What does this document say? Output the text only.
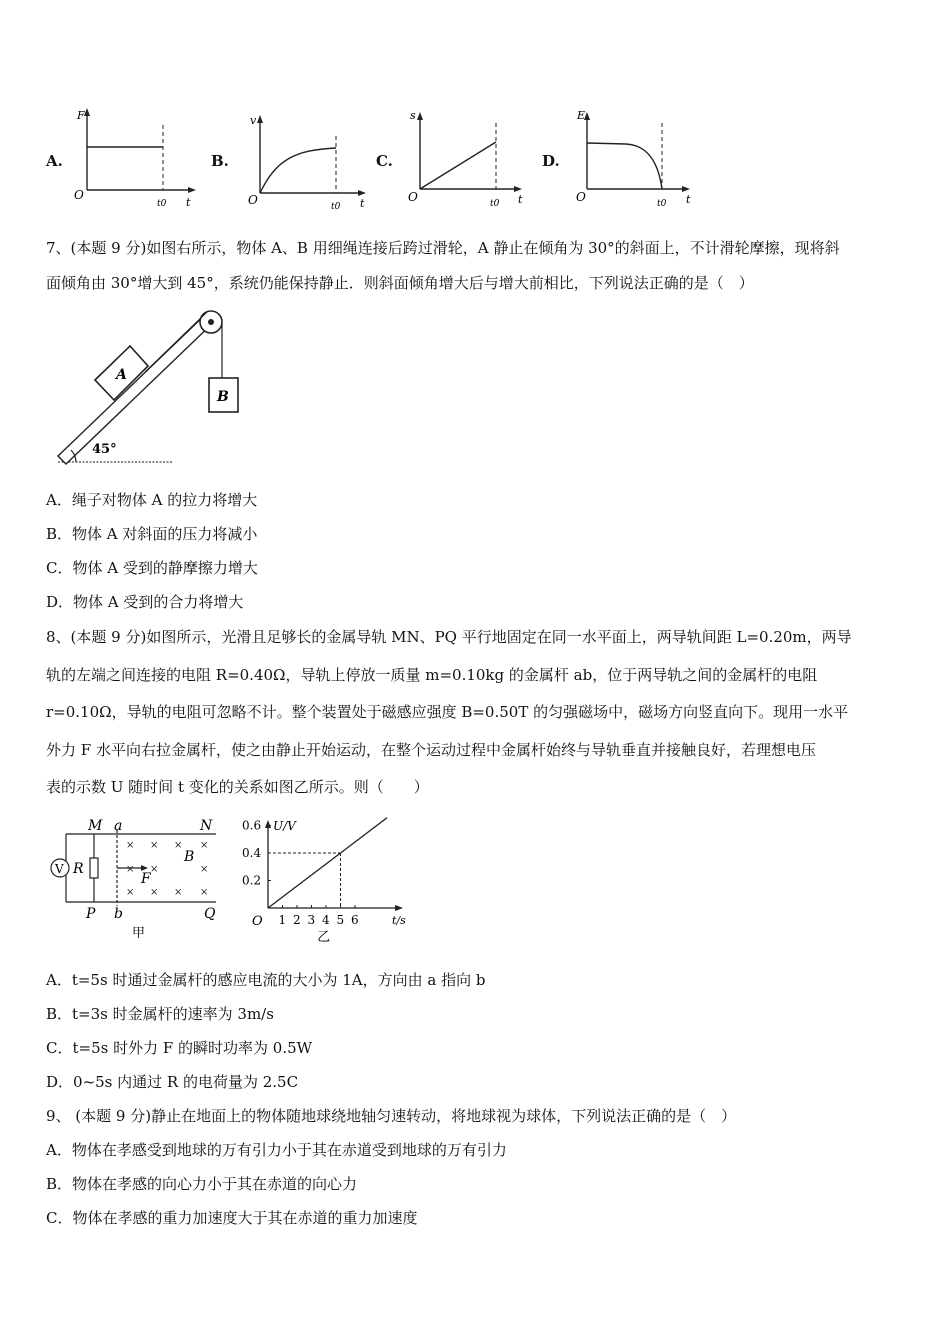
A.
F
O
t
t0
B.
v
O	t
t0
C.
s
O	t
t0
D.
E
O	t
t0
7、(本题 9 分)如图右所示，物体 A、B 用细绳连接后跨过滑轮，A 静止在倾角为 30°的斜面上，不计滑轮摩擦，现将斜
面倾角由 30°增大到 45°，系统仍能保持静止．则斜面倾角增大后与增大前相比，下列说法正确的是（　）
A
B
45°
A．绳子对物体 A 的拉力将增大
B．物体 A 对斜面的压力将减小
C．物体 A 受到的静摩擦力增大
D．物体 A 受到的合力将增大
8、(本题 9 分)如图所示，光滑且足够长的金属导轨 MN、PQ 平行地固定在同一水平面上，两导轨间距 L=0.20m，两导
轨的左端之间连接的电阻 R=0.40Ω，导轨上停放一质量 m=0.10kg 的金属杆 ab，位于两导轨之间的金属杆的电阻
r=0.10Ω，导轨的电阻可忽略不计。整个装置处于磁感应强度 B=0.50T 的匀强磁场中，磁场方向竖直向下。现用一水平
外力 F 水平向右拉金属杆，使之由静止开始运动，在整个运动过程中金属杆始终与导轨垂直并接触良好，若理想电压
表的示数 U 随时间 t 变化的关系如图乙所示。则（　　）
V R
× × × ×
× ×	×
× × × ×
F
B
M a	N
P b	Q
甲
0.6
0.4
0.2
1 2 3 4 5 6
U/V
t/s
O
乙
A．t=5s 时通过金属杆的感应电流的大小为 1A，方向由 a 指向 b
B．t=3s 时金属杆的速率为 3m/s
C．t=5s 时外力 F 的瞬时功率为 0.5W
D．0~5s 内通过 R 的电荷量为 2.5C
9、 (本题 9 分)静止在地面上的物体随地球绕地轴匀速转动，将地球视为球体，下列说法正确的是（　）
A．物体在孝感受到地球的万有引力小于其在赤道受到地球的万有引力
B．物体在孝感的向心力小于其在赤道的向心力
C．物体在孝感的重力加速度大于其在赤道的重力加速度
